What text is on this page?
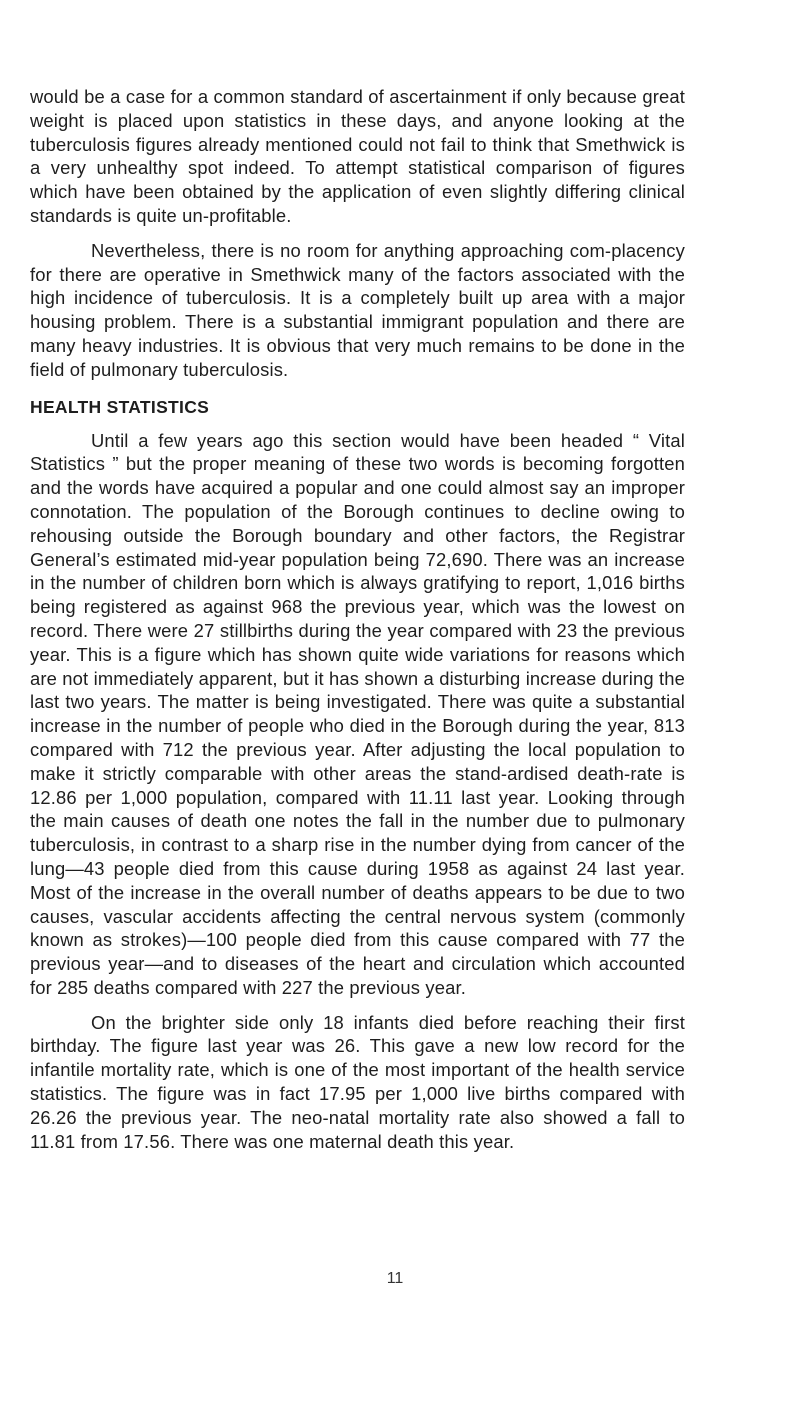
would be a case for a common standard of ascertainment if only because great weight is placed upon statistics in these days, and anyone looking at the tuberculosis figures already mentioned could not fail to think that Smethwick is a very unhealthy spot indeed. To attempt statistical comparison of figures which have been obtained by the application of even slightly differing clinical standards is quite un-profitable.

Nevertheless, there is no room for anything approaching com-placency for there are operative in Smethwick many of the factors associated with the high incidence of tuberculosis. It is a completely built up area with a major housing problem. There is a substantial immigrant population and there are many heavy industries. It is obvious that very much remains to be done in the field of pulmonary tuberculosis.

HEALTH STATISTICS

Until a few years ago this section would have been headed “ Vital Statistics ” but the proper meaning of these two words is becoming forgotten and the words have acquired a popular and one could almost say an improper connotation. The population of the Borough continues to decline owing to rehousing outside the Borough boundary and other factors, the Registrar General’s estimated mid-year population being 72,690. There was an increase in the number of children born which is always gratifying to report, 1,016 births being registered as against 968 the previous year, which was the lowest on record. There were 27 stillbirths during the year compared with 23 the previous year. This is a figure which has shown quite wide variations for reasons which are not immediately apparent, but it has shown a disturbing increase during the last two years. The matter is being investigated. There was quite a substantial increase in the number of people who died in the Borough during the year, 813 compared with 712 the previous year. After adjusting the local population to make it strictly comparable with other areas the stand-ardised death-rate is 12.86 per 1,000 population, compared with 11.11 last year. Looking through the main causes of death one notes the fall in the number due to pulmonary tuberculosis, in contrast to a sharp rise in the number dying from cancer of the lung—43 people died from this cause during 1958 as against 24 last year. Most of the increase in the overall number of deaths appears to be due to two causes, vascular accidents affecting the central nervous system (commonly known as strokes)—100 people died from this cause compared with 77 the previous year—and to diseases of the heart and circulation which accounted for 285 deaths compared with 227 the previous year.

On the brighter side only 18 infants died before reaching their first birthday. The figure last year was 26. This gave a new low record for the infantile mortality rate, which is one of the most important of the health service statistics. The figure was in fact 17.95 per 1,000 live births compared with 26.26 the previous year. The neo-natal mortality rate also showed a fall to 11.81 from 17.56. There was one maternal death this year.

11
